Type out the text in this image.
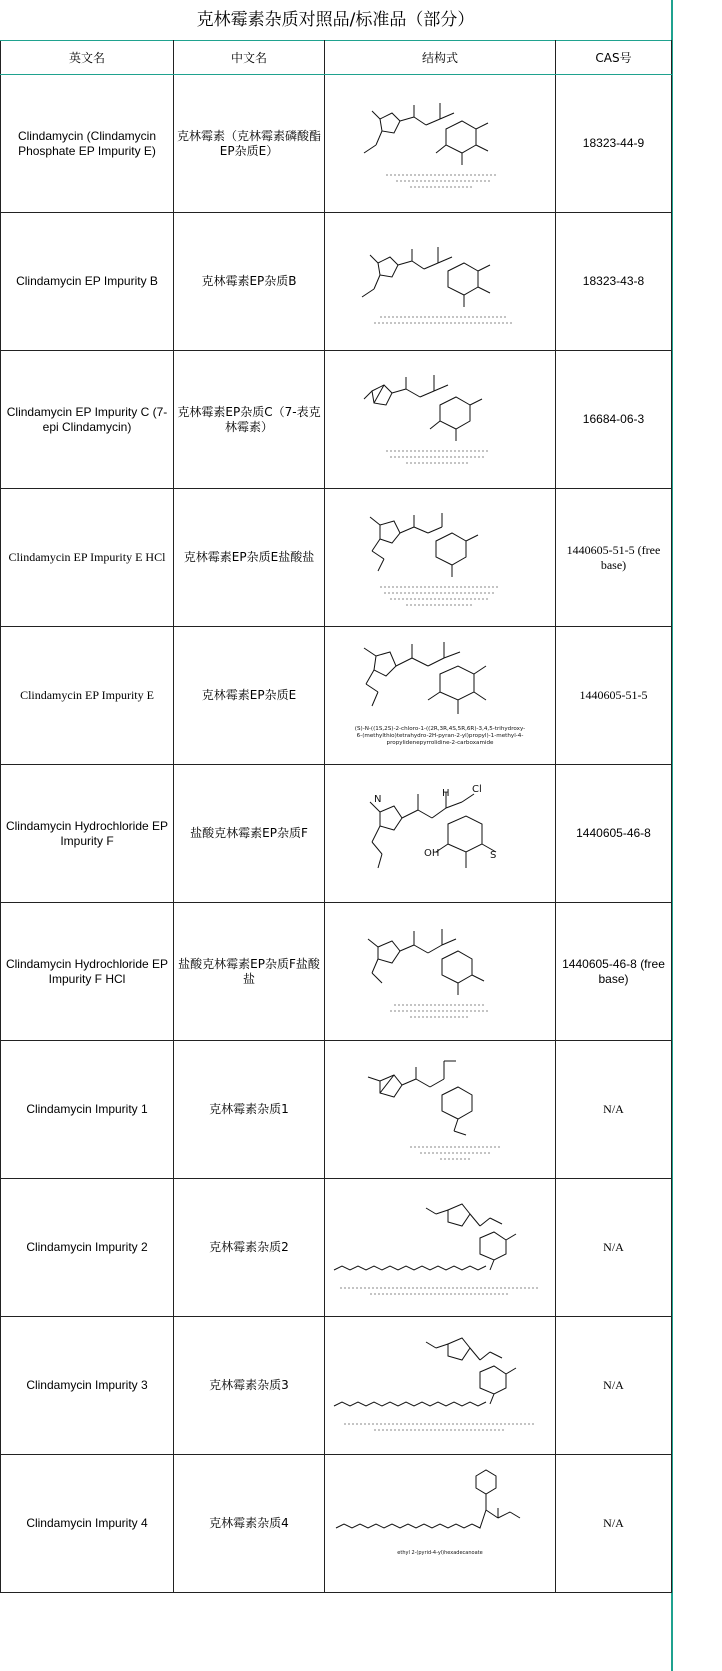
克林霉素杂质对照品/标准品（部分）
英文名	中文名	结构式	CAS号
Clindamycin (Clindamycin Phosphate EP Impurity E)	克林霉素（克林霉素磷酸酯EP杂质E）		18323-44-9
Clindamycin EP Impurity B	克林霉素EP杂质B		18323-43-8
Clindamycin EP Impurity C (7-epi Clindamycin)	克林霉素EP杂质C（7-表克林霉素）		16684-06-3
Clindamycin EP Impurity E HCl	克林霉素EP杂质E盐酸盐		1440605-51-5 (free base)
Clindamycin EP Impurity E	克林霉素EP杂质E	(S)-N-((1S,2S)-2-chloro-1-((2R,3R,4S,5R,6R)-3,4,5-trihydroxy-
6-(methylthio)tetrahydro-2H-pyran-2-yl)propyl)-1-methyl-4-
propylidenepyrrolidine-2-carboxamide	1440605-51-5
Clindamycin Hydrochloride EP Impurity F	盐酸克林霉素EP杂质F	H Cl
N
OH S	1440605-46-8
Clindamycin Hydrochloride EP Impurity F HCl	盐酸克林霉素EP杂质F盐酸盐		1440605-46-8 (free base)
Clindamycin Impurity 1	克林霉素杂质1		N/A
Clindamycin Impurity 2	克林霉素杂质2		N/A
Clindamycin Impurity 3	克林霉素杂质3		N/A
Clindamycin Impurity 4	克林霉素杂质4	ethyl 2-(pyrid-4-yl)hexadecanoate	N/A
